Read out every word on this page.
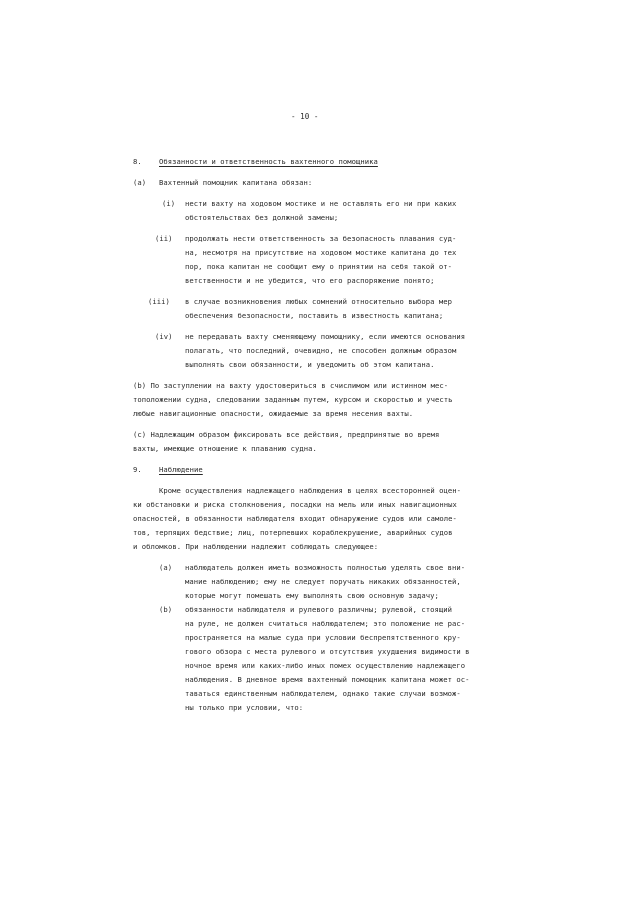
- 10 -
8. Обязанности и ответственность вахтенного помощника
(a) Вахтенный помощник капитана обязан:
(i) нести вахту на ходовом мостике и не оставлять его ни при каких
обстоятельствах без должной замены;
(ii) продолжать нести ответственность за безопасность плавания суд-
на, несмотря на присутствие на ходовом мостике капитана до тех
пор, пока капитан не сообщит ему о принятии на себя такой от-
ветственности и не убедится, что его распоряжение понято;
(iii) в случае возникновения любых сомнений относительно выбора мер
обеспечения безопасности, поставить в известность капитана;
(iv) не передавать вахту сменяющему помощнику, если имеются основания
полагать, что последний, очевидно, не способен должным образом
выполнять свои обязанности, и уведомить об этом капитана.
(b) По заступлении на вахту удостовериться в счислимом или истинном мес-
тоположении судна, следовании заданным путем, курсом и скоростью и учесть
любые навигационные опасности, ожидаемые за время несения вахты.
(c) Надлежащим образом фиксировать все действия, предпринятые во время
вахты, имеющие отношение к плаванию судна.
9. Наблюдение
Кроме осуществления надлежащего наблюдения в целях всесторонней оцен-
ки обстановки и риска столкновения, посадки на мель или иных навигационных
опасностей, в обязанности наблюдателя входит обнаружение судов или самоле-
тов, терпящих бедствие; лиц, потерпевших кораблекрушение, аварийных судов
и обломков. При наблюдении надлежит соблюдать следующее:
(a) наблюдатель должен иметь возможность полностью уделять свое вни-
мание наблюдению; ему не следует поручать никаких обязанностей,
которые могут помешать ему выполнять свою основную задачу;
(b) обязанности наблюдателя и рулевого различны; рулевой, стоящий
на руле, не должен считаться наблюдателем; это положение не рас-
пространяется на малые суда при условии беспрепятственного кру-
гового обзора с места рулевого и отсутствия ухудшения видимости в
ночное время или каких-либо иных помех осуществлению надлежащего
наблюдения. В дневное время вахтенный помощник капитана может ос-
таваться единственным наблюдателем, однако такие случаи возмож-
ны только при условии, что:
